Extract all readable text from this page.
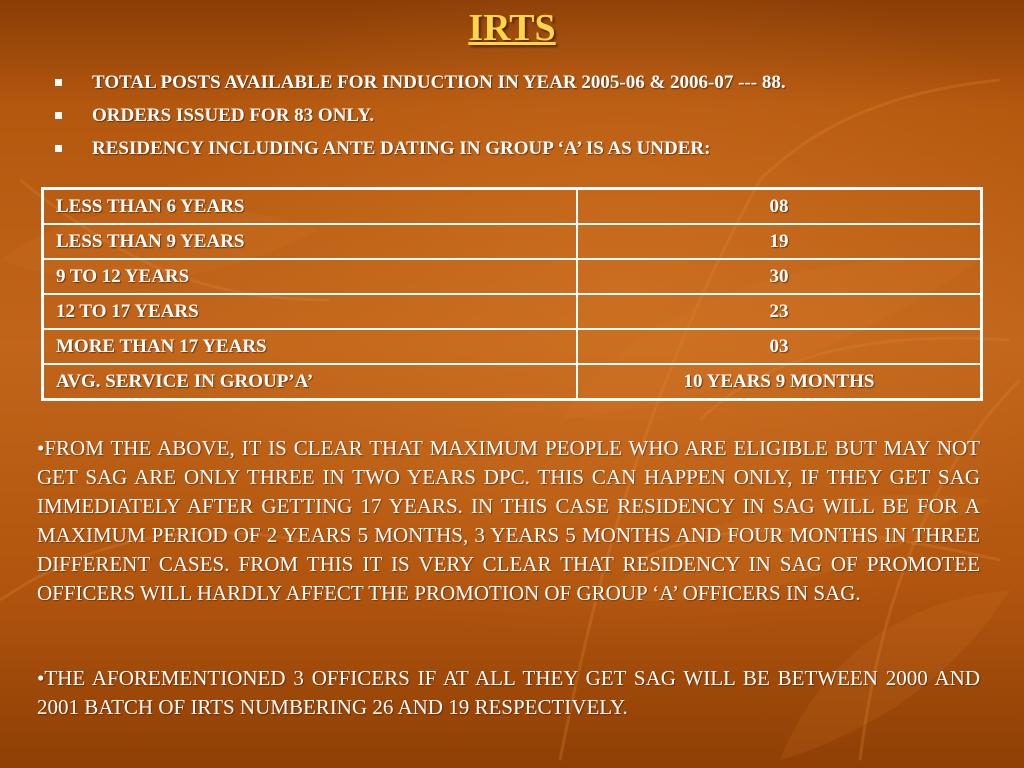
IRTS
TOTAL POSTS AVAILABLE FOR INDUCTION IN YEAR 2005-06 & 2006-07 --- 88.
ORDERS ISSUED FOR 83 ONLY.
RESIDENCY INCLUDING ANTE DATING IN GROUP ‘A’ IS AS UNDER:
LESS THAN 6 YEARS	08
LESS THAN 9 YEARS	19
9 TO 12 YEARS	30
12 TO 17 YEARS	23
MORE THAN 17 YEARS	03
AVG. SERVICE IN GROUP’A’	10 YEARS 9 MONTHS

•FROM THE ABOVE, IT IS CLEAR THAT MAXIMUM PEOPLE WHO ARE ELIGIBLE BUT MAY NOT GET SAG ARE ONLY THREE IN TWO YEARS DPC. THIS CAN HAPPEN ONLY, IF THEY GET SAG IMMEDIATELY AFTER GETTING 17 YEARS. IN THIS CASE RESIDENCY IN SAG WILL BE FOR A MAXIMUM PERIOD OF 2 YEARS 5 MONTHS, 3 YEARS 5 MONTHS AND FOUR MONTHS IN THREE DIFFERENT CASES. FROM THIS IT IS VERY CLEAR THAT RESIDENCY IN SAG OF PROMOTEE OFFICERS WILL HARDLY AFFECT THE PROMOTION OF GROUP ‘A’ OFFICERS IN SAG.

•THE AFOREMENTIONED 3 OFFICERS IF AT ALL THEY GET SAG WILL BE BETWEEN 2000 AND 2001 BATCH OF IRTS NUMBERING 26 AND 19 RESPECTIVELY.
